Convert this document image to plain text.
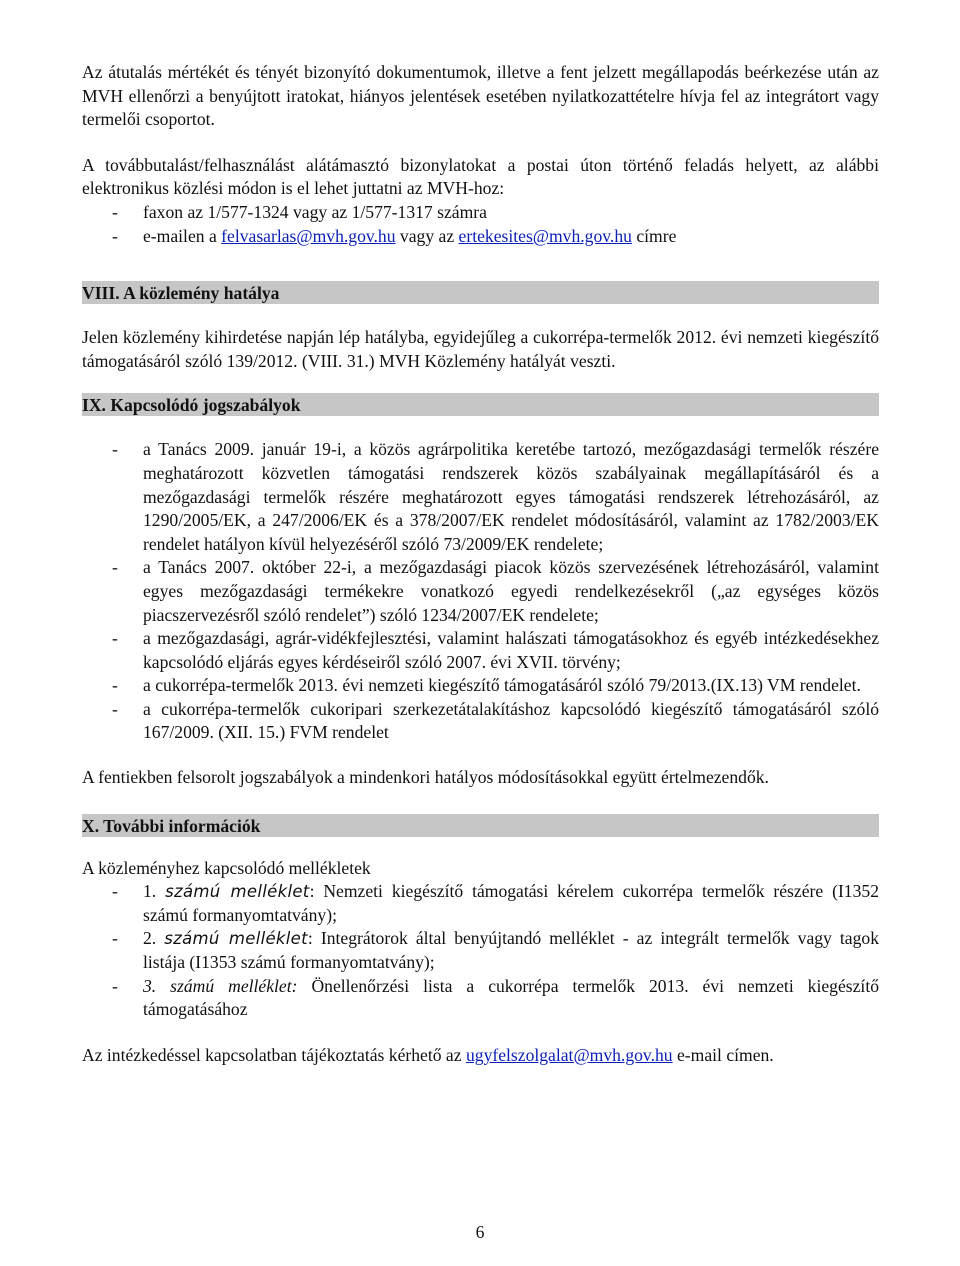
Az átutalás mértékét és tényét bizonyító dokumentumok, illetve a fent jelzett megállapodás beérkezése után az MVH ellenőrzi a benyújtott iratokat, hiányos jelentések esetében nyilatkozattételre hívja fel az integrátort vagy termelői csoportot.

A továbbutalást/felhasználást alátámasztó bizonylatokat a postai úton történő feladás helyett, az alábbi elektronikus közlési módon is el lehet juttatni az MVH-hoz:

- faxon az 1/577-1324 vagy az 1/577-1317 számra
- e-mailen a felvasarlas@mvh.gov.hu vagy az ertekesites@mvh.gov.hu címre
VIII. A közlemény hatálya

Jelen közlemény kihirdetése napján lép hatályba, egyidejűleg a cukorrépa-termelők 2012. évi nemzeti kiegészítő támogatásáról szóló 139/2012. (VIII. 31.) MVH Közlemény hatályát veszti.

IX. Kapcsolódó jogszabályok
- a Tanács 2009. január 19-i, a közös agrárpolitika keretébe tartozó, mezőgazdasági termelők részére meghatározott közvetlen támogatási rendszerek közös szabályainak megállapításáról és a mezőgazdasági termelők részére meghatározott egyes támogatási rendszerek létrehozásáról, az 1290/2005/EK, a 247/2006/EK és a 378/2007/EK rendelet módosításáról, valamint az 1782/2003/EK rendelet hatályon kívül helyezéséről szóló 73/2009/EK rendelete;
- a Tanács 2007. október 22-i, a mezőgazdasági piacok közös szervezésének létrehozásáról, valamint egyes mezőgazdasági termékekre vonatkozó egyedi rendelkezésekről („az egységes közös piacszervezésről szóló rendelet”) szóló 1234/2007/EK rendelete;
- a mezőgazdasági, agrár-vidékfejlesztési, valamint halászati támogatásokhoz és egyéb intézkedésekhez kapcsolódó eljárás egyes kérdéseiről szóló 2007. évi XVII. törvény;
- a cukorrépa-termelők 2013. évi nemzeti kiegészítő támogatásáról szóló 79/2013.(IX.13) VM rendelet.
- a cukorrépa-termelők cukoripari szerkezetátalakításhoz kapcsolódó kiegészítő támogatásáról szóló 167/2009. (XII. 15.) FVM rendelet

A fentiekben felsorolt jogszabályok a mindenkori hatályos módosításokkal együtt értelmezendők.

X. További információk

A közleményhez kapcsolódó mellékletek

- 1. számú melléklet: Nemzeti kiegészítő támogatási kérelem cukorrépa termelők részére (I1352 számú formanyomtatvány);
- 2. számú melléklet: Integrátorok által benyújtandó melléklet - az integrált termelők vagy tagok listája (I1353 számú formanyomtatvány);
- 3. számú melléklet: Önellenőrzési lista a cukorrépa termelők 2013. évi nemzeti kiegészítő támogatásához

Az intézkedéssel kapcsolatban tájékoztatás kérhető az ugyfelszolgalat@mvh.gov.hu e-mail címen.

6
